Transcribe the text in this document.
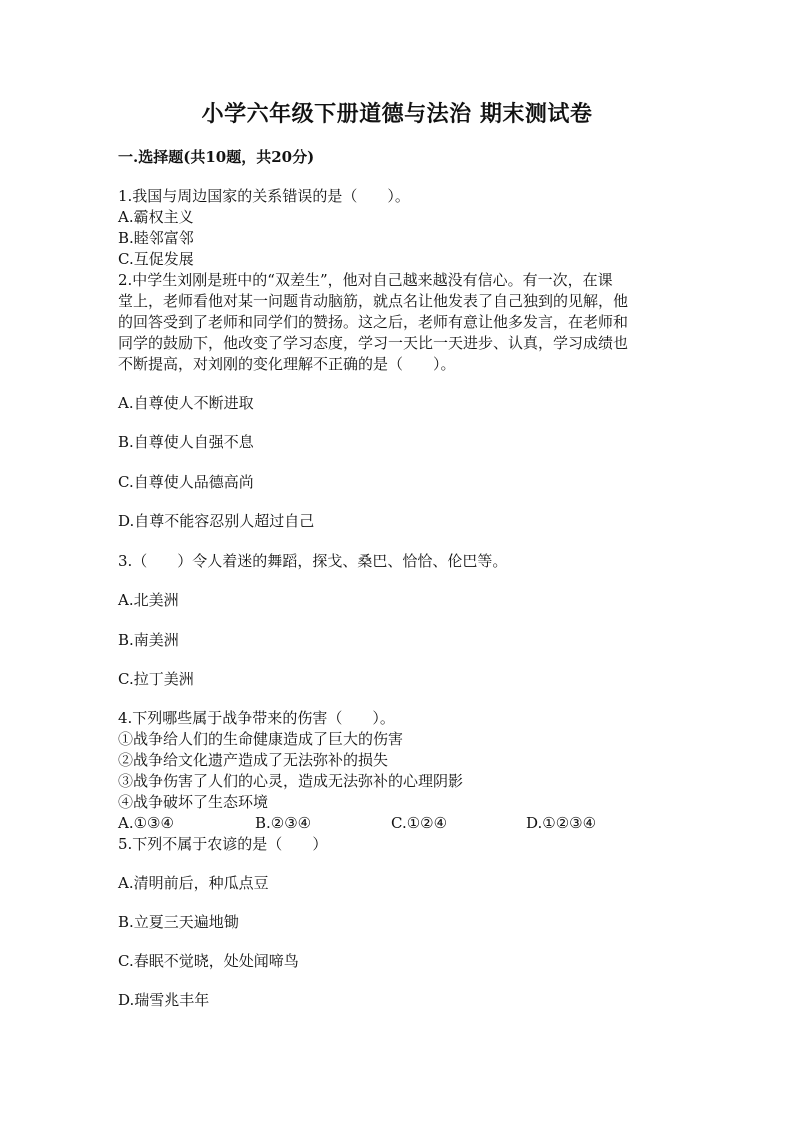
小学六年级下册道德与法治 期末测试卷
一.选择题(共10题，共20分)
1.我国与周边国家的关系错误的是（　　）。
A.霸权主义
B.睦邻富邻
C.互促发展
2.中学生刘刚是班中的“双差生”，他对自己越来越没有信心。有一次，在课
堂上，老师看他对某一问题肯动脑筋，就点名让他发表了自己独到的见解，他
的回答受到了老师和同学们的赞扬。这之后，老师有意让他多发言，在老师和
同学的鼓励下，他改变了学习态度，学习一天比一天进步、认真，学习成绩也
不断提高，对刘刚的变化理解不正确的是（　　）。
A.自尊使人不断进取
B.自尊使人自强不息
C.自尊使人品德高尚
D.自尊不能容忍别人超过自己
3.（　　）令人着迷的舞蹈，探戈、桑巴、恰恰、伦巴等。
A.北美洲
B.南美洲
C.拉丁美洲
4.下列哪些属于战争带来的伤害（　　）。
①战争给人们的生命健康造成了巨大的伤害
②战争给文化遗产造成了无法弥补的损失
③战争伤害了人们的心灵，造成无法弥补的心理阴影
④战争破坏了生态环境
A.①③④	B.②③④	C.①②④	D.①②③④
5.下列不属于农谚的是（　　）
A.清明前后，种瓜点豆
B.立夏三天遍地锄
C.春眠不觉晓，处处闻啼鸟
D.瑞雪兆丰年
